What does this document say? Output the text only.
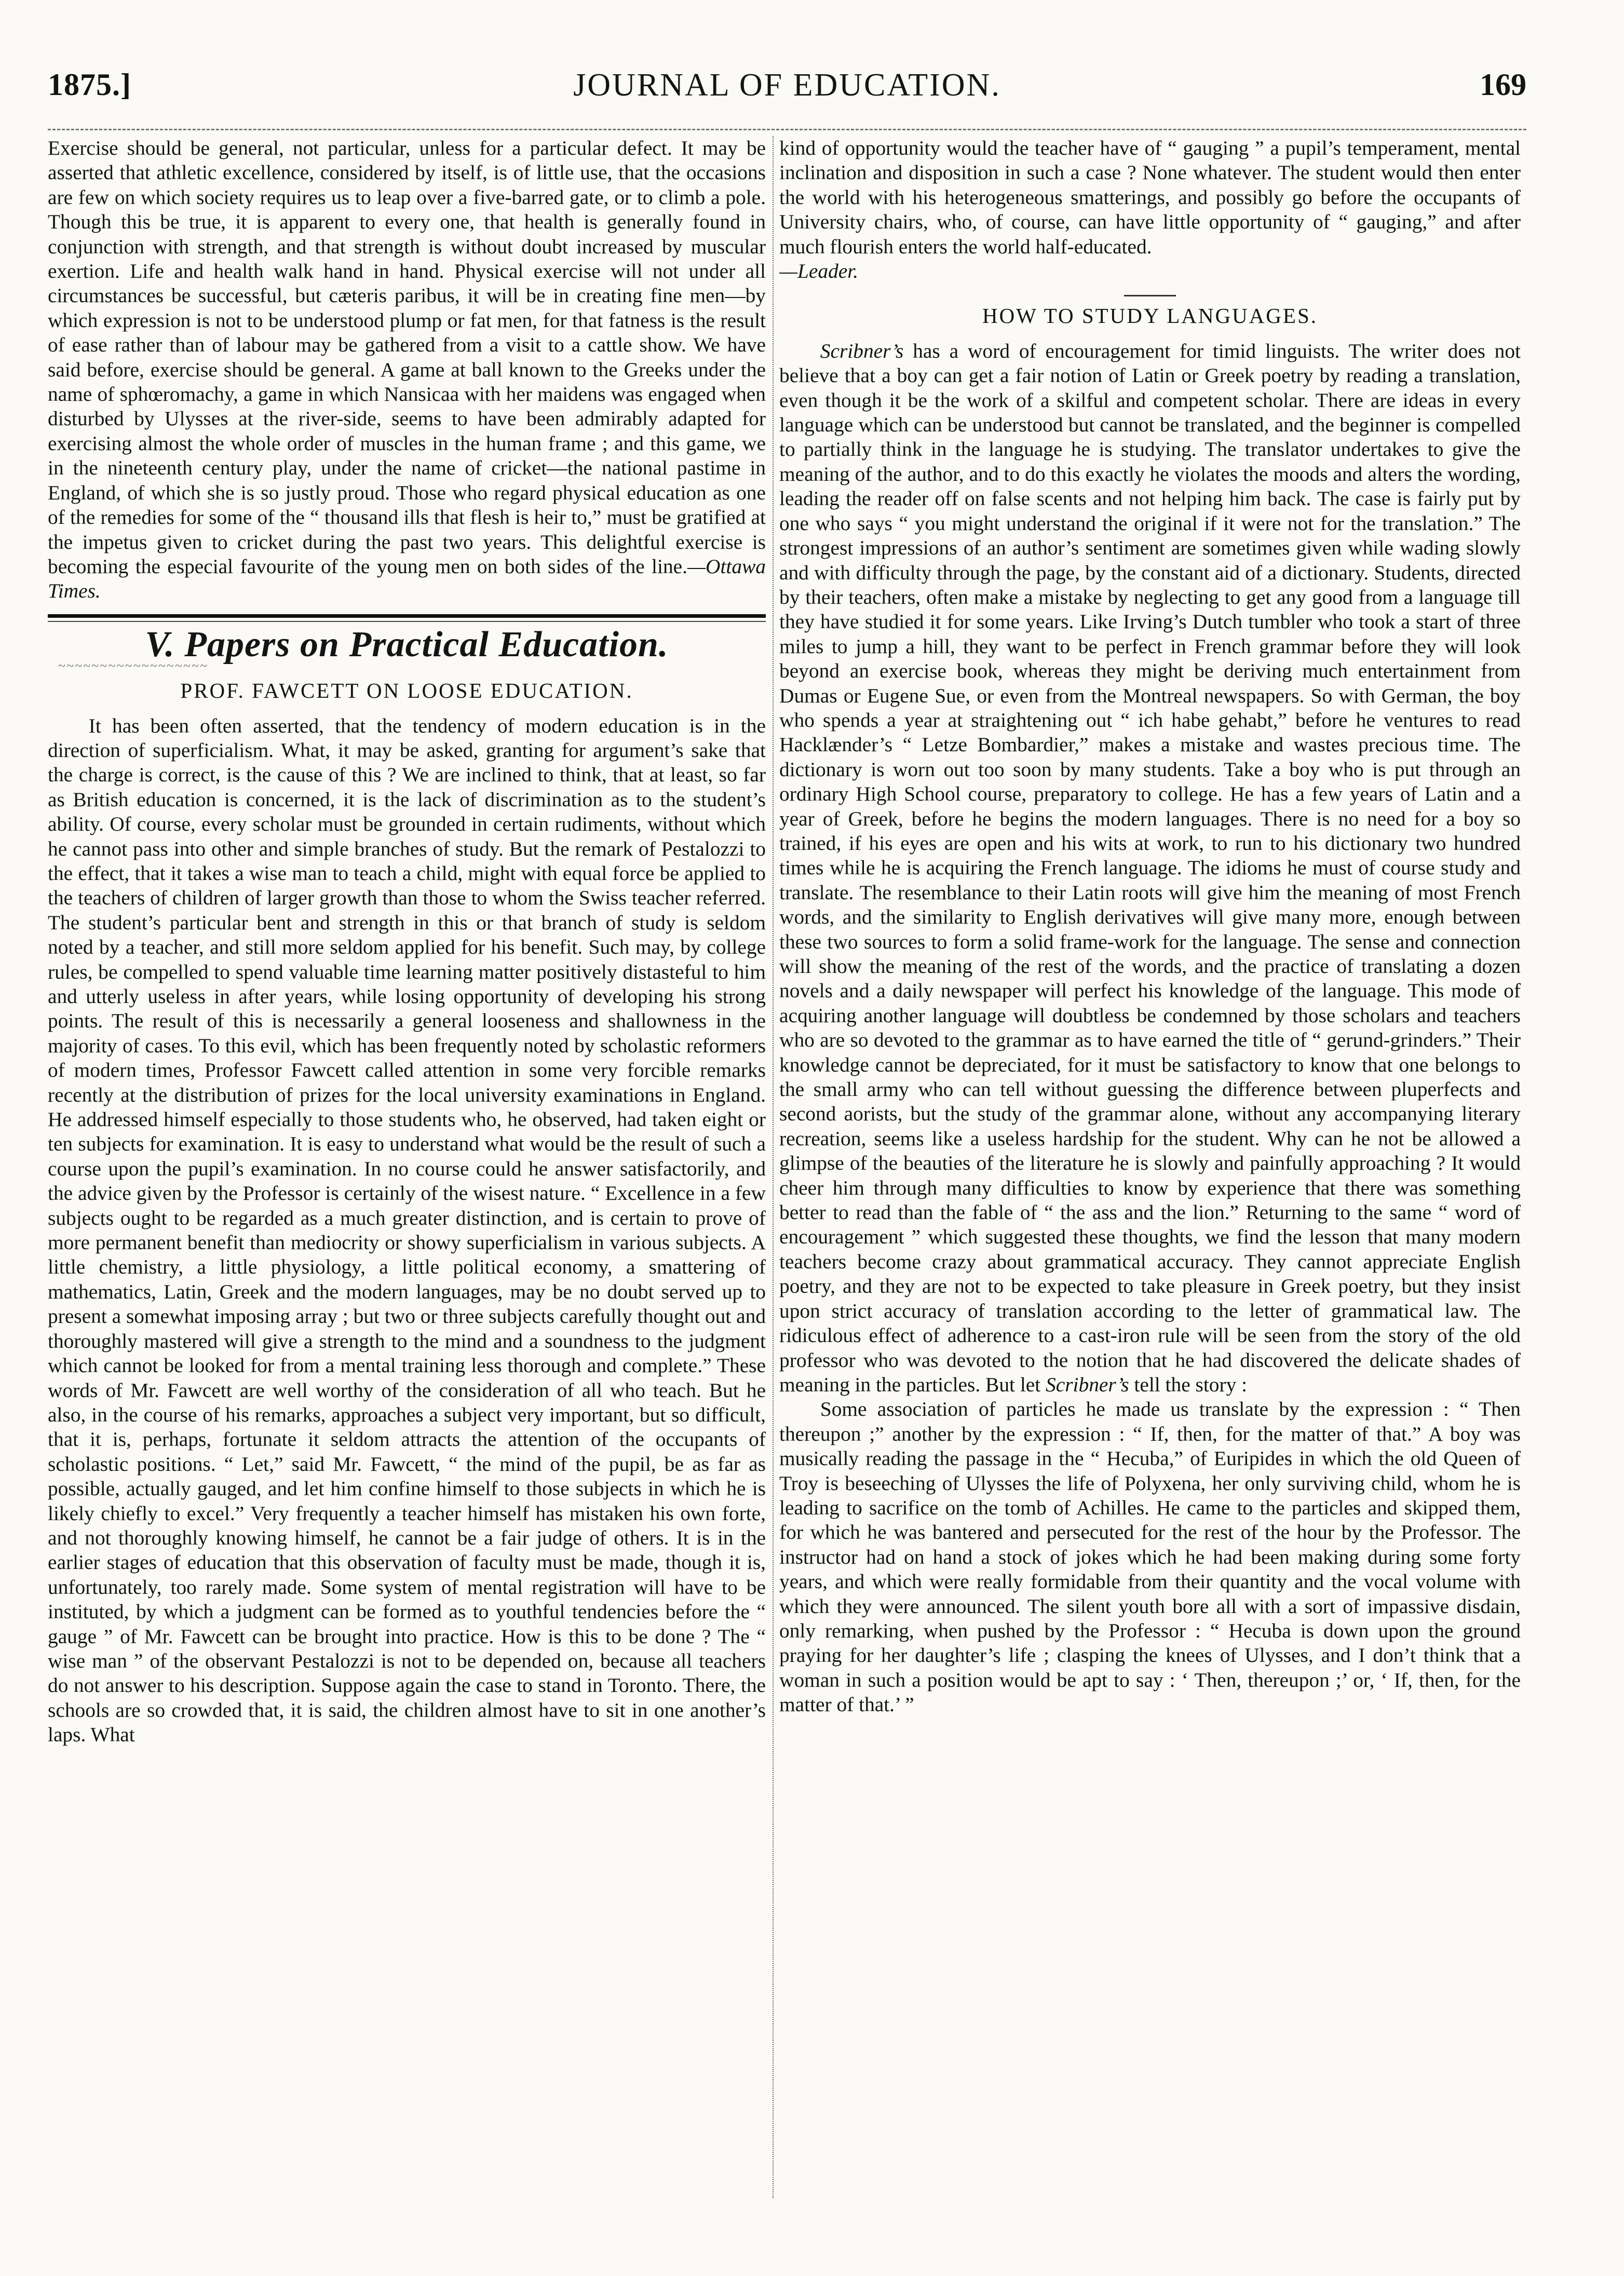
1875.]	JOURNAL OF EDUCATION.	169

Exercise should be general, not particular, unless for a particular defect. It may be asserted that athletic excellence, considered by itself, is of little use, that the occasions are few on which society requires us to leap over a five-barred gate, or to climb a pole. Though this be true, it is apparent to every one, that health is generally found in conjunction with strength, and that strength is without doubt increased by muscular exertion. Life and health walk hand in hand. Physical exercise will not under all circumstances be successful, but cæteris paribus, it will be in creating fine men—by which expression is not to be understood plump or fat men, for that fatness is the result of ease rather than of labour may be gathered from a visit to a cattle show. We have said before, exercise should be general. A game at ball known to the Greeks under the name of sphœromachy, a game in which Nansicaa with her maidens was engaged when disturbed by Ulysses at the river-side, seems to have been admirably adapted for exercising almost the whole order of muscles in the human frame ; and this game, we in the nineteenth century play, under the name of cricket—the national pastime in England, of which she is so justly proud. Those who regard physical education as one of the remedies for some of the “ thousand ills that flesh is heir to,” must be gratified at the impetus given to cricket during the past two years. This delightful exercise is becoming the especial favourite of the young men on both sides of the line.—Ottawa Times.

V. Papers on Practical Education.
~~~~~~~~~~~~~~~~~~
PROF. FAWCETT ON LOOSE EDUCATION.

It has been often asserted, that the tendency of modern education is in the direction of superficialism. What, it may be asked, granting for argument’s sake that the charge is correct, is the cause of this ? We are inclined to think, that at least, so far as British education is concerned, it is the lack of discrimination as to the student’s ability. Of course, every scholar must be grounded in certain rudiments, without which he cannot pass into other and simple branches of study. But the remark of Pestalozzi to the effect, that it takes a wise man to teach a child, might with equal force be applied to the teachers of children of larger growth than those to whom the Swiss teacher referred. The student’s particular bent and strength in this or that branch of study is seldom noted by a teacher, and still more seldom applied for his benefit. Such may, by college rules, be compelled to spend valuable time learning matter positively distasteful to him and utterly useless in after years, while losing opportunity of developing his strong points. The result of this is necessarily a general looseness and shallowness in the majority of cases. To this evil, which has been frequently noted by scholastic reformers of modern times, Professor Fawcett called attention in some very forcible remarks recently at the distribution of prizes for the local university examinations in England. He addressed himself especially to those students who, he observed, had taken eight or ten subjects for examination. It is easy to understand what would be the result of such a course upon the pupil’s examination. In no course could he answer satisfactorily, and the advice given by the Professor is certainly of the wisest nature. “ Excellence in a few subjects ought to be regarded as a much greater distinction, and is certain to prove of more permanent benefit than mediocrity or showy superficialism in various subjects. A little chemistry, a little physiology, a little political economy, a smattering of mathematics, Latin, Greek and the modern languages, may be no doubt served up to present a somewhat imposing array ; but two or three subjects carefully thought out and thoroughly mastered will give a strength to the mind and a soundness to the judgment which cannot be looked for from a mental training less thorough and complete.” These words of Mr. Fawcett are well worthy of the consideration of all who teach. But he also, in the course of his remarks, approaches a subject very important, but so difficult, that it is, perhaps, fortunate it seldom attracts the attention of the occupants of scholastic positions. “ Let,” said Mr. Fawcett, “ the mind of the pupil, be as far as possible, actually gauged, and let him confine himself to those subjects in which he is likely chiefly to excel.” Very frequently a teacher himself has mistaken his own forte, and not thoroughly knowing himself, he cannot be a fair judge of others. It is in the earlier stages of education that this observation of faculty must be made, though it is, unfortunately, too rarely made. Some system of mental registration will have to be instituted, by which a judgment can be formed as to youthful tendencies before the “ gauge ” of Mr. Fawcett can be brought into practice. How is this to be done ? The “ wise man ” of the observant Pestalozzi is not to be depended on, because all teachers do not answer to his description. Suppose again the case to stand in Toronto. There, the schools are so crowded that, it is said, the children almost have to sit in one another’s laps. What

kind of opportunity would the teacher have of “ gauging ” a pupil’s temperament, mental inclination and disposition in such a case ? None whatever. The student would then enter the world with his heterogeneous smatterings, and possibly go before the occupants of University chairs, who, of course, can have little opportunity of “ gauging,” and after much flourish enters the world half-educated.
—Leader.

HOW TO STUDY LANGUAGES.

Scribner’s has a word of encouragement for timid linguists. The writer does not believe that a boy can get a fair notion of Latin or Greek poetry by reading a translation, even though it be the work of a skilful and competent scholar. There are ideas in every language which can be understood but cannot be translated, and the beginner is compelled to partially think in the language he is studying. The translator undertakes to give the meaning of the author, and to do this exactly he violates the moods and alters the wording, leading the reader off on false scents and not helping him back. The case is fairly put by one who says “ you might understand the original if it were not for the translation.” The strongest impressions of an author’s sentiment are sometimes given while wading slowly and with difficulty through the page, by the constant aid of a dictionary. Students, directed by their teachers, often make a mistake by neglecting to get any good from a language till they have studied it for some years. Like Irving’s Dutch tumbler who took a start of three miles to jump a hill, they want to be perfect in French grammar before they will look beyond an exercise book, whereas they might be deriving much entertainment from Dumas or Eugene Sue, or even from the Montreal newspapers. So with German, the boy who spends a year at straightening out “ ich habe gehabt,” before he ventures to read Hacklænder’s “ Letze Bombardier,” makes a mistake and wastes precious time. The dictionary is worn out too soon by many students. Take a boy who is put through an ordinary High School course, preparatory to college. He has a few years of Latin and a year of Greek, before he begins the modern languages. There is no need for a boy so trained, if his eyes are open and his wits at work, to run to his dictionary two hundred times while he is acquiring the French language. The idioms he must of course study and translate. The resemblance to their Latin roots will give him the meaning of most French words, and the similarity to English derivatives will give many more, enough between these two sources to form a solid frame-work for the language. The sense and connection will show the meaning of the rest of the words, and the practice of translating a dozen novels and a daily newspaper will perfect his knowledge of the language. This mode of acquiring another language will doubtless be condemned by those scholars and teachers who are so devoted to the grammar as to have earned the title of “ gerund-grinders.” Their knowledge cannot be depreciated, for it must be satisfactory to know that one belongs to the small army who can tell without guessing the difference between pluperfects and second aorists, but the study of the grammar alone, without any accompanying literary recreation, seems like a useless hardship for the student. Why can he not be allowed a glimpse of the beauties of the literature he is slowly and painfully approaching ? It would cheer him through many difficulties to know by experience that there was something better to read than the fable of “ the ass and the lion.” Returning to the same “ word of encouragement ” which suggested these thoughts, we find the lesson that many modern teachers become crazy about grammatical accuracy. They cannot appreciate English poetry, and they are not to be expected to take pleasure in Greek poetry, but they insist upon strict accuracy of translation according to the letter of grammatical law. The ridiculous effect of adherence to a cast-iron rule will be seen from the story of the old professor who was devoted to the notion that he had discovered the delicate shades of meaning in the particles. But let Scribner’s tell the story :

Some association of particles he made us translate by the expression : “ Then thereupon ;” another by the expression : “ If, then, for the matter of that.” A boy was musically reading the passage in the “ Hecuba,” of Euripides in which the old Queen of Troy is beseeching of Ulysses the life of Polyxena, her only surviving child, whom he is leading to sacrifice on the tomb of Achilles. He came to the particles and skipped them, for which he was bantered and persecuted for the rest of the hour by the Professor. The instructor had on hand a stock of jokes which he had been making during some forty years, and which were really formidable from their quantity and the vocal volume with which they were announced. The silent youth bore all with a sort of impassive disdain, only remarking, when pushed by the Professor : “ Hecuba is down upon the ground praying for her daughter’s life ; clasping the knees of Ulysses, and I don’t think that a woman in such a position would be apt to say : ‘ Then, thereupon ;’ or, ‘ If, then, for the matter of that.’ ”
